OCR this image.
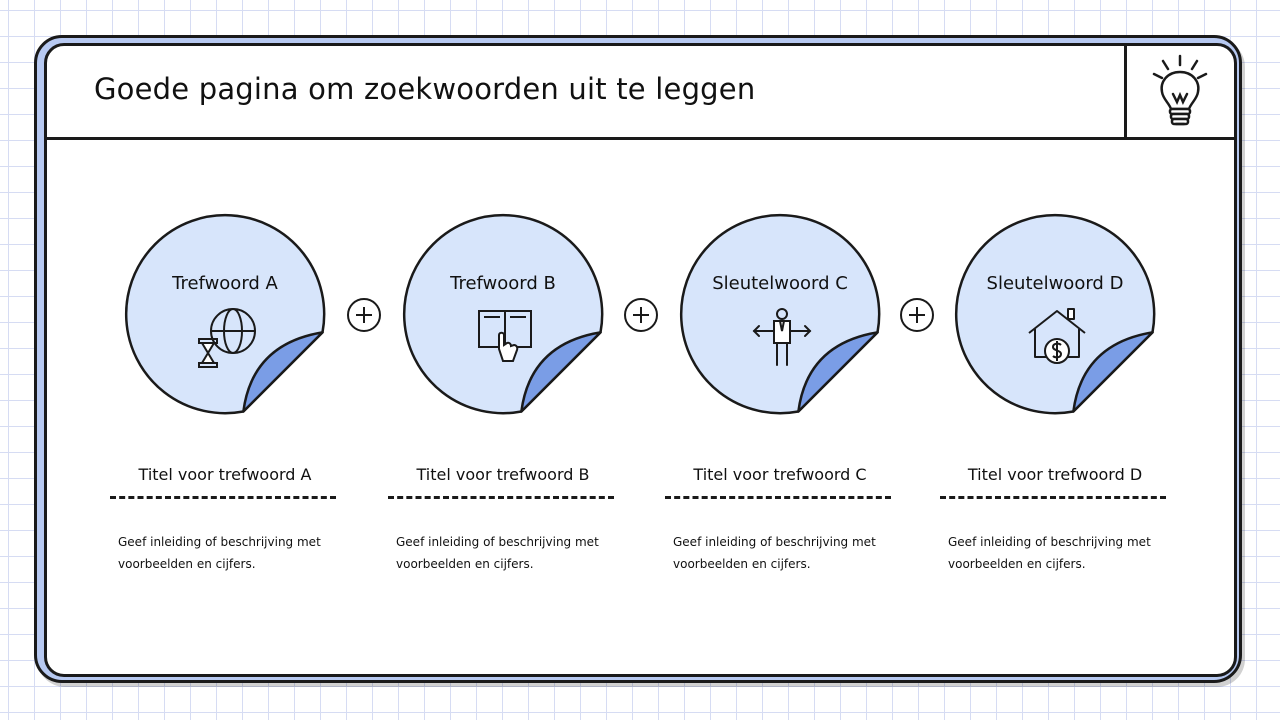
Goede pagina om zoekwoorden uit te leggen
Trefwoord A
Titel voor trefwoord A
Geef inleiding of beschrijving met voorbeelden en cijfers.
Trefwoord B
Titel voor trefwoord B
Geef inleiding of beschrijving met voorbeelden en cijfers.
Sleutelwoord C
Titel voor trefwoord C
Geef inleiding of beschrijving met voorbeelden en cijfers.
Sleutelwoord D
Titel voor trefwoord D
Geef inleiding of beschrijving met voorbeelden en cijfers.
